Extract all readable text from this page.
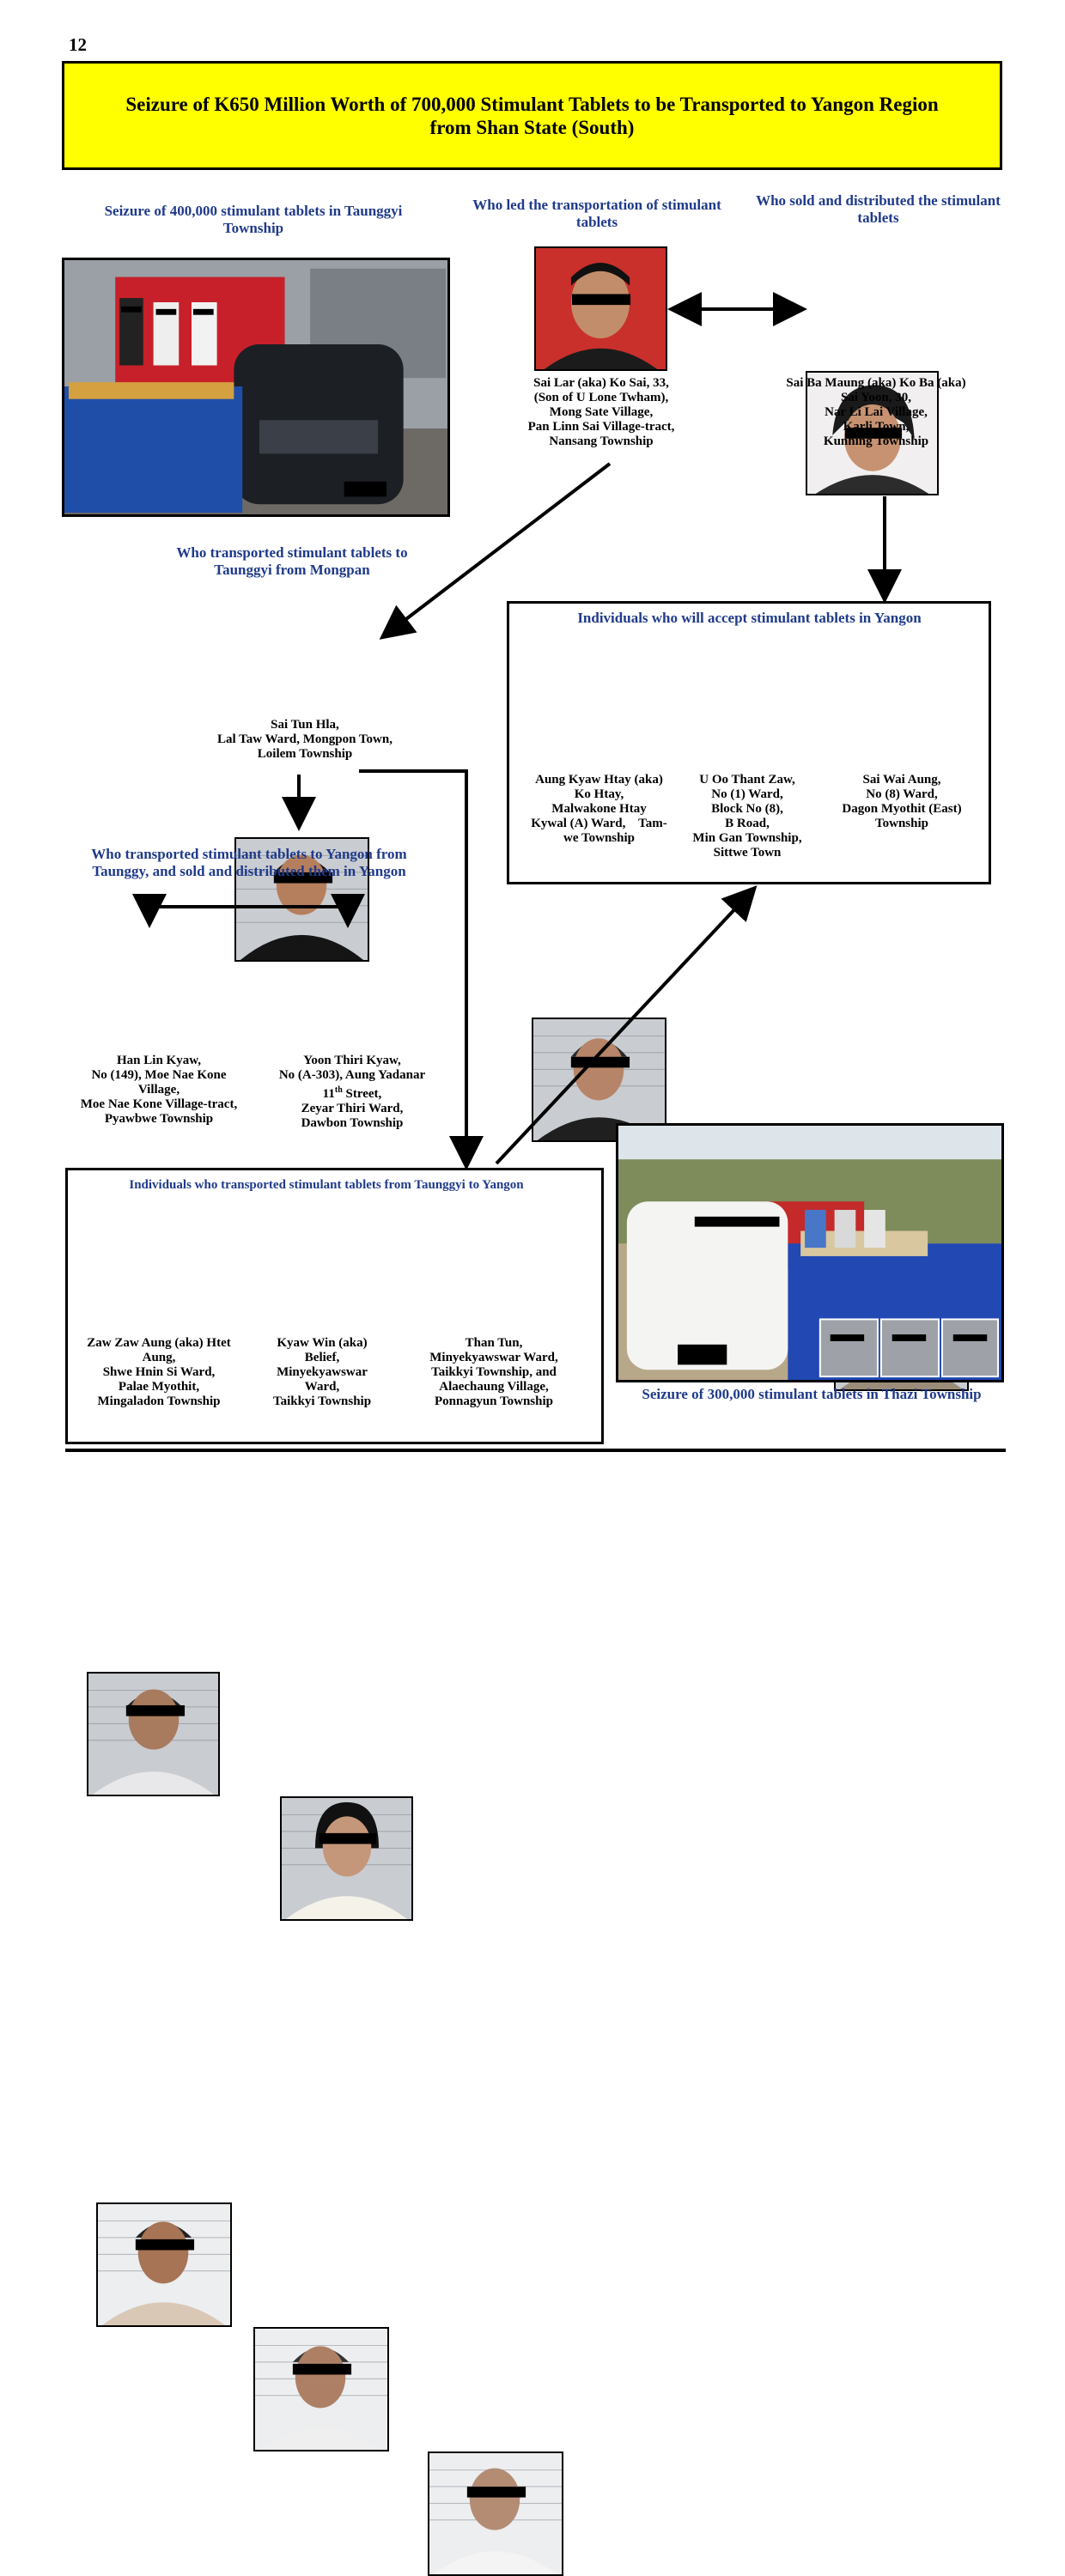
12
Seizure of K650 Million Worth of 700,000 Stimulant Tablets to be Transported to Yangon Region
from Shan State (South)
Seizure of 400,000 stimulant tablets in Taunggyi Township
Who led the transportation of stimulant tablets
Sai Lar (aka) Ko Sai, 33,
(Son of U Lone Twham),
Mong Sate Village,
Pan Linn Sai Village-tract,
Nansang Township
Who sold and distributed the stimulant tablets
Sai Ba Maung (aka) Ko Ba (aka)
Sai Yoon, 30,
Nar Li Lai Village,
Karli Town,
Kunhing Township
Who transported stimulant tablets to Taunggyi from Mongpan
Sai Tun Hla,
Lal Taw Ward, Mongpon Town,
Loilem Township
Individuals who will accept stimulant tablets in Yangon
Aung Kyaw Htay (aka)
Ko Htay,
Malwakone Htay
Kywal (A) Ward,    Tam-
we Township
U Oo Thant Zaw,
No (1) Ward,
Block No (8),
B Road,
Min Gan Township,
Sittwe Town
Sai Wai Aung,
No (8) Ward,
Dagon Myothit (East)
Township
Who transported stimulant tablets to Yangon from Taunggy, and sold and distributed them in Yangon
Han Lin Kyaw,
No (149), Moe Nae Kone
Village,
Moe Nae Kone Village-tract,
Pyawbwe Township
Yoon Thiri Kyaw,
No (A-303), Aung Yadanar
11th Street,
Zeyar Thiri Ward,
Dawbon Township
Individuals who transported stimulant tablets from Taunggyi to Yangon
Zaw Zaw Aung (aka) Htet
Aung,
Shwe Hnin Si Ward,
Palae Myothit,
Mingaladon Township
Kyaw Win (aka)
Belief,
Minyekyawswar
Ward,
Taikkyi Township
Than Tun,
Minyekyawswar Ward,
Taikkyi Township, and
Alaechaung Village,
Ponnagyun Township	Seizure of 300,000 stimulant tablets in Thazi Township
